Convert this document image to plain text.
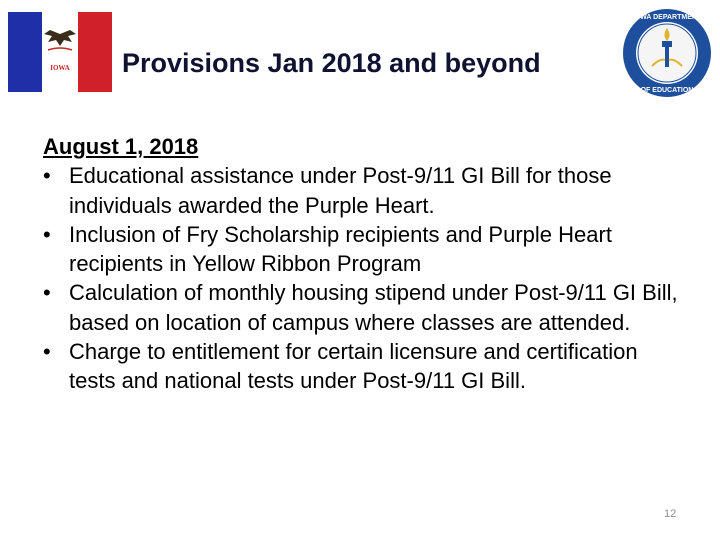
IOWA
IOWA DEPARTMENT
OF EDUCATION
Provisions Jan 2018 and beyond
August 1, 2018
• Educational assistance under Post-9/11 GI Bill for those individuals awarded the Purple Heart.
• Inclusion of Fry Scholarship recipients and Purple Heart recipients in Yellow Ribbon Program
• Calculation of monthly housing stipend under Post-9/11 GI Bill, based on location of campus where classes are attended.
• Charge to entitlement for certain licensure and certification tests and national tests under Post-9/11 GI Bill.
12
